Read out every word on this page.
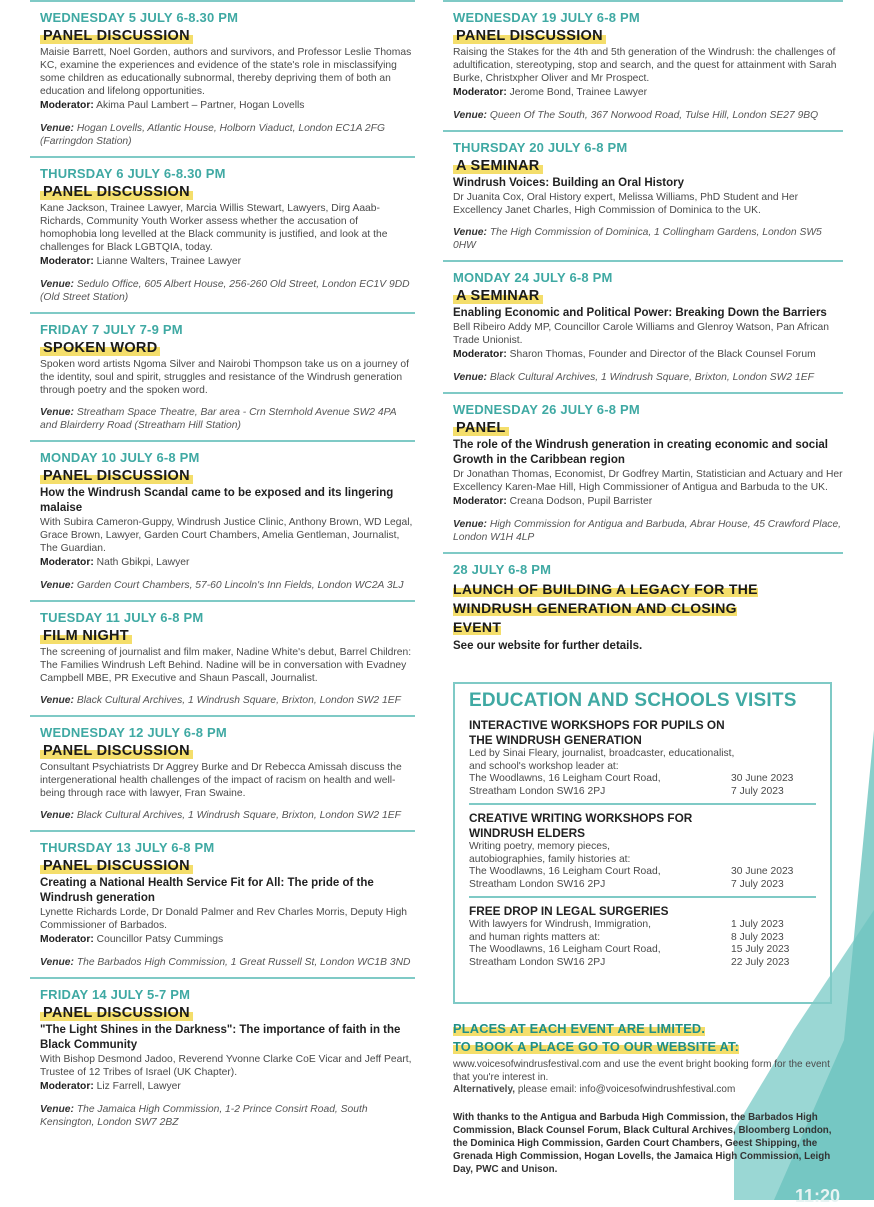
WEDNESDAY 5 JULY 6-8.30 PM
PANEL DISCUSSION
Maisie Barrett, Noel Gorden, authors and survivors, and Professor Leslie Thomas KC, examine the experiences and evidence of the state's role in misclassifying some children as educationally subnormal, thereby depriving them of both an education and lifelong opportunities.
Moderator: Akima Paul Lambert – Partner, Hogan Lovells
Venue: Hogan Lovells, Atlantic House, Holborn Viaduct, London EC1A 2FG (Farringdon Station)
THURSDAY 6 JULY 6-8.30 PM
PANEL DISCUSSION
Kane Jackson, Trainee Lawyer, Marcia Willis Stewart, Lawyers, Dirg Aaab-Richards, Community Youth Worker assess whether the accusation of homophobia long levelled at the Black community is justified, and look at the challenges for Black LGBTQIA, today.
Moderator: Lianne Walters, Trainee Lawyer
Venue: Sedulo Office, 605 Albert House, 256-260 Old Street, London EC1V 9DD (Old Street Station)
FRIDAY 7 JULY 7-9 PM
SPOKEN WORD
Spoken word artists Ngoma Silver and Nairobi Thompson take us on a journey of the identity, soul and spirit, struggles and resistance of the Windrush generation through poetry and the spoken word.
Venue: Streatham Space Theatre, Bar area - Crn Sternhold Avenue SW2 4PA and Blairderry Road (Streatham Hill Station)
MONDAY 10 JULY 6-8 PM
PANEL DISCUSSION
How the Windrush Scandal came to be exposed and its lingering malaise
With Subira Cameron-Guppy, Windrush Justice Clinic, Anthony Brown, WD Legal, Grace Brown, Lawyer, Garden Court Chambers, Amelia Gentleman, Journalist, The Guardian.
Moderator: Nath Gbikpi, Lawyer
Venue: Garden Court Chambers, 57-60 Lincoln's Inn Fields, London WC2A 3LJ
TUESDAY 11 JULY 6-8 PM
FILM NIGHT
The screening of journalist and film maker, Nadine White's debut, Barrel Children: The Families Windrush Left Behind. Nadine will be in conversation with Evadney Campbell MBE, PR Executive and Shaun Pascall, Journalist.
Venue: Black Cultural Archives, 1 Windrush Square, Brixton, London SW2 1EF
WEDNESDAY 12 JULY 6-8 PM
PANEL DISCUSSION
Consultant Psychiatrists Dr Aggrey Burke and Dr Rebecca Amissah discuss the intergenerational health challenges of the impact of racism on health and well-being through race with lawyer, Fran Swaine.
Venue: Black Cultural Archives, 1 Windrush Square, Brixton, London SW2 1EF
THURSDAY 13 JULY 6-8 PM
PANEL DISCUSSION
Creating a National Health Service Fit for All: The pride of the Windrush generation
Lynette Richards Lorde, Dr Donald Palmer and Rev Charles Morris, Deputy High Commissioner of Barbados.
Moderator: Councillor Patsy Cummings
Venue: The Barbados High Commission, 1 Great Russell St, London WC1B 3ND
FRIDAY 14 JULY 5-7 PM
PANEL DISCUSSION
"The Light Shines in the Darkness": The importance of faith in the Black Community
With Bishop Desmond Jadoo, Reverend Yvonne Clarke CoE Vicar and Jeff Peart, Trustee of 12 Tribes of Israel (UK Chapter).
Moderator: Liz Farrell, Lawyer
Venue: The Jamaica High Commission, 1-2 Prince Consirt Road, South Kensington, London SW7 2BZ
WEDNESDAY 19 JULY 6-8 PM
PANEL DISCUSSION
Raising the Stakes for the 4th and 5th generation of the Windrush: the challenges of adultification, stereotyping, stop and search, and the quest for attainment with Sarah Burke, Christxpher Oliver and Mr Prospect.
Moderator: Jerome Bond, Trainee Lawyer
Venue: Queen Of The South, 367 Norwood Road, Tulse Hill, London SE27 9BQ
THURSDAY 20 JULY 6-8 PM
A SEMINAR
Windrush Voices: Building an Oral History
Dr Juanita Cox, Oral History expert, Melissa Williams, PhD Student and Her Excellency Janet Charles, High Commission of Dominica to the UK.
Venue: The High Commission of Dominica, 1 Collingham Gardens, London SW5 0HW
MONDAY 24 JULY 6-8 PM
A SEMINAR
Enabling Economic and Political Power: Breaking Down the Barriers
Bell Ribeiro Addy MP, Councillor Carole Williams and Glenroy Watson, Pan African Trade Unionist.
Moderator: Sharon Thomas, Founder and Director of the Black Counsel Forum
Venue: Black Cultural Archives, 1 Windrush Square, Brixton, London SW2 1EF
WEDNESDAY 26 JULY 6-8 PM
PANEL
The role of the Windrush generation in creating economic and social Growth in the Caribbean region
Dr Jonathan Thomas, Economist, Dr Godfrey Martin, Statistician and Actuary and Her Excellency Karen-Mae Hill, High Commissioner of Antigua and Barbuda to the UK.
Moderator: Creana Dodson, Pupil Barrister
Venue: High Commission for Antigua and Barbuda, Abrar House, 45 Crawford Place, London W1H 4LP
28 JULY 6-8 PM
LAUNCH OF BUILDING A LEGACY FOR THE WINDRUSH GENERATION AND CLOSING EVENT
See our website for further details.
EDUCATION AND SCHOOLS VISITS
INTERACTIVE WORKSHOPS FOR PUPILS ON THE WINDRUSH GENERATION
Led by Sinai Fleary, journalist, broadcaster, educationalist, and school's workshop leader at:
The Woodlawns, 16 Leigham Court Road,
Streatham London SW16 2PJ
30 June 2023
7 July 2023
CREATIVE WRITING WORKSHOPS FOR WINDRUSH ELDERS
Writing poetry, memory pieces, autobiographies, family histories at:
The Woodlawns, 16 Leigham Court Road,
Streatham London SW16 2PJ
30 June 2023
7 July 2023
FREE DROP IN LEGAL SURGERIES
With lawyers for Windrush, Immigration,
and human rights matters at:
The Woodlawns, 16 Leigham Court Road,
Streatham London SW16 2PJ
1 July 2023
8 July 2023
15 July 2023
22 July 2023
PLACES AT EACH EVENT ARE LIMITED.
TO BOOK A PLACE GO TO OUR WEBSITE AT:
www.voicesofwindrusfestival.com and use the event bright booking form for the event that you're interest in.
Alternatively, please email: info@voicesofwindrushfestival.com
With thanks to the Antigua and Barbuda High Commission, the Barbados High Commission, Black Counsel Forum, Black Cultural Archives, Bloomberg London, the Dominica High Commission, Garden Court Chambers, Geest Shipping, the Grenada High Commission, Hogan Lovells, the Jamaica High Commission, Leigh Day, PWC and Unison.
11:20
